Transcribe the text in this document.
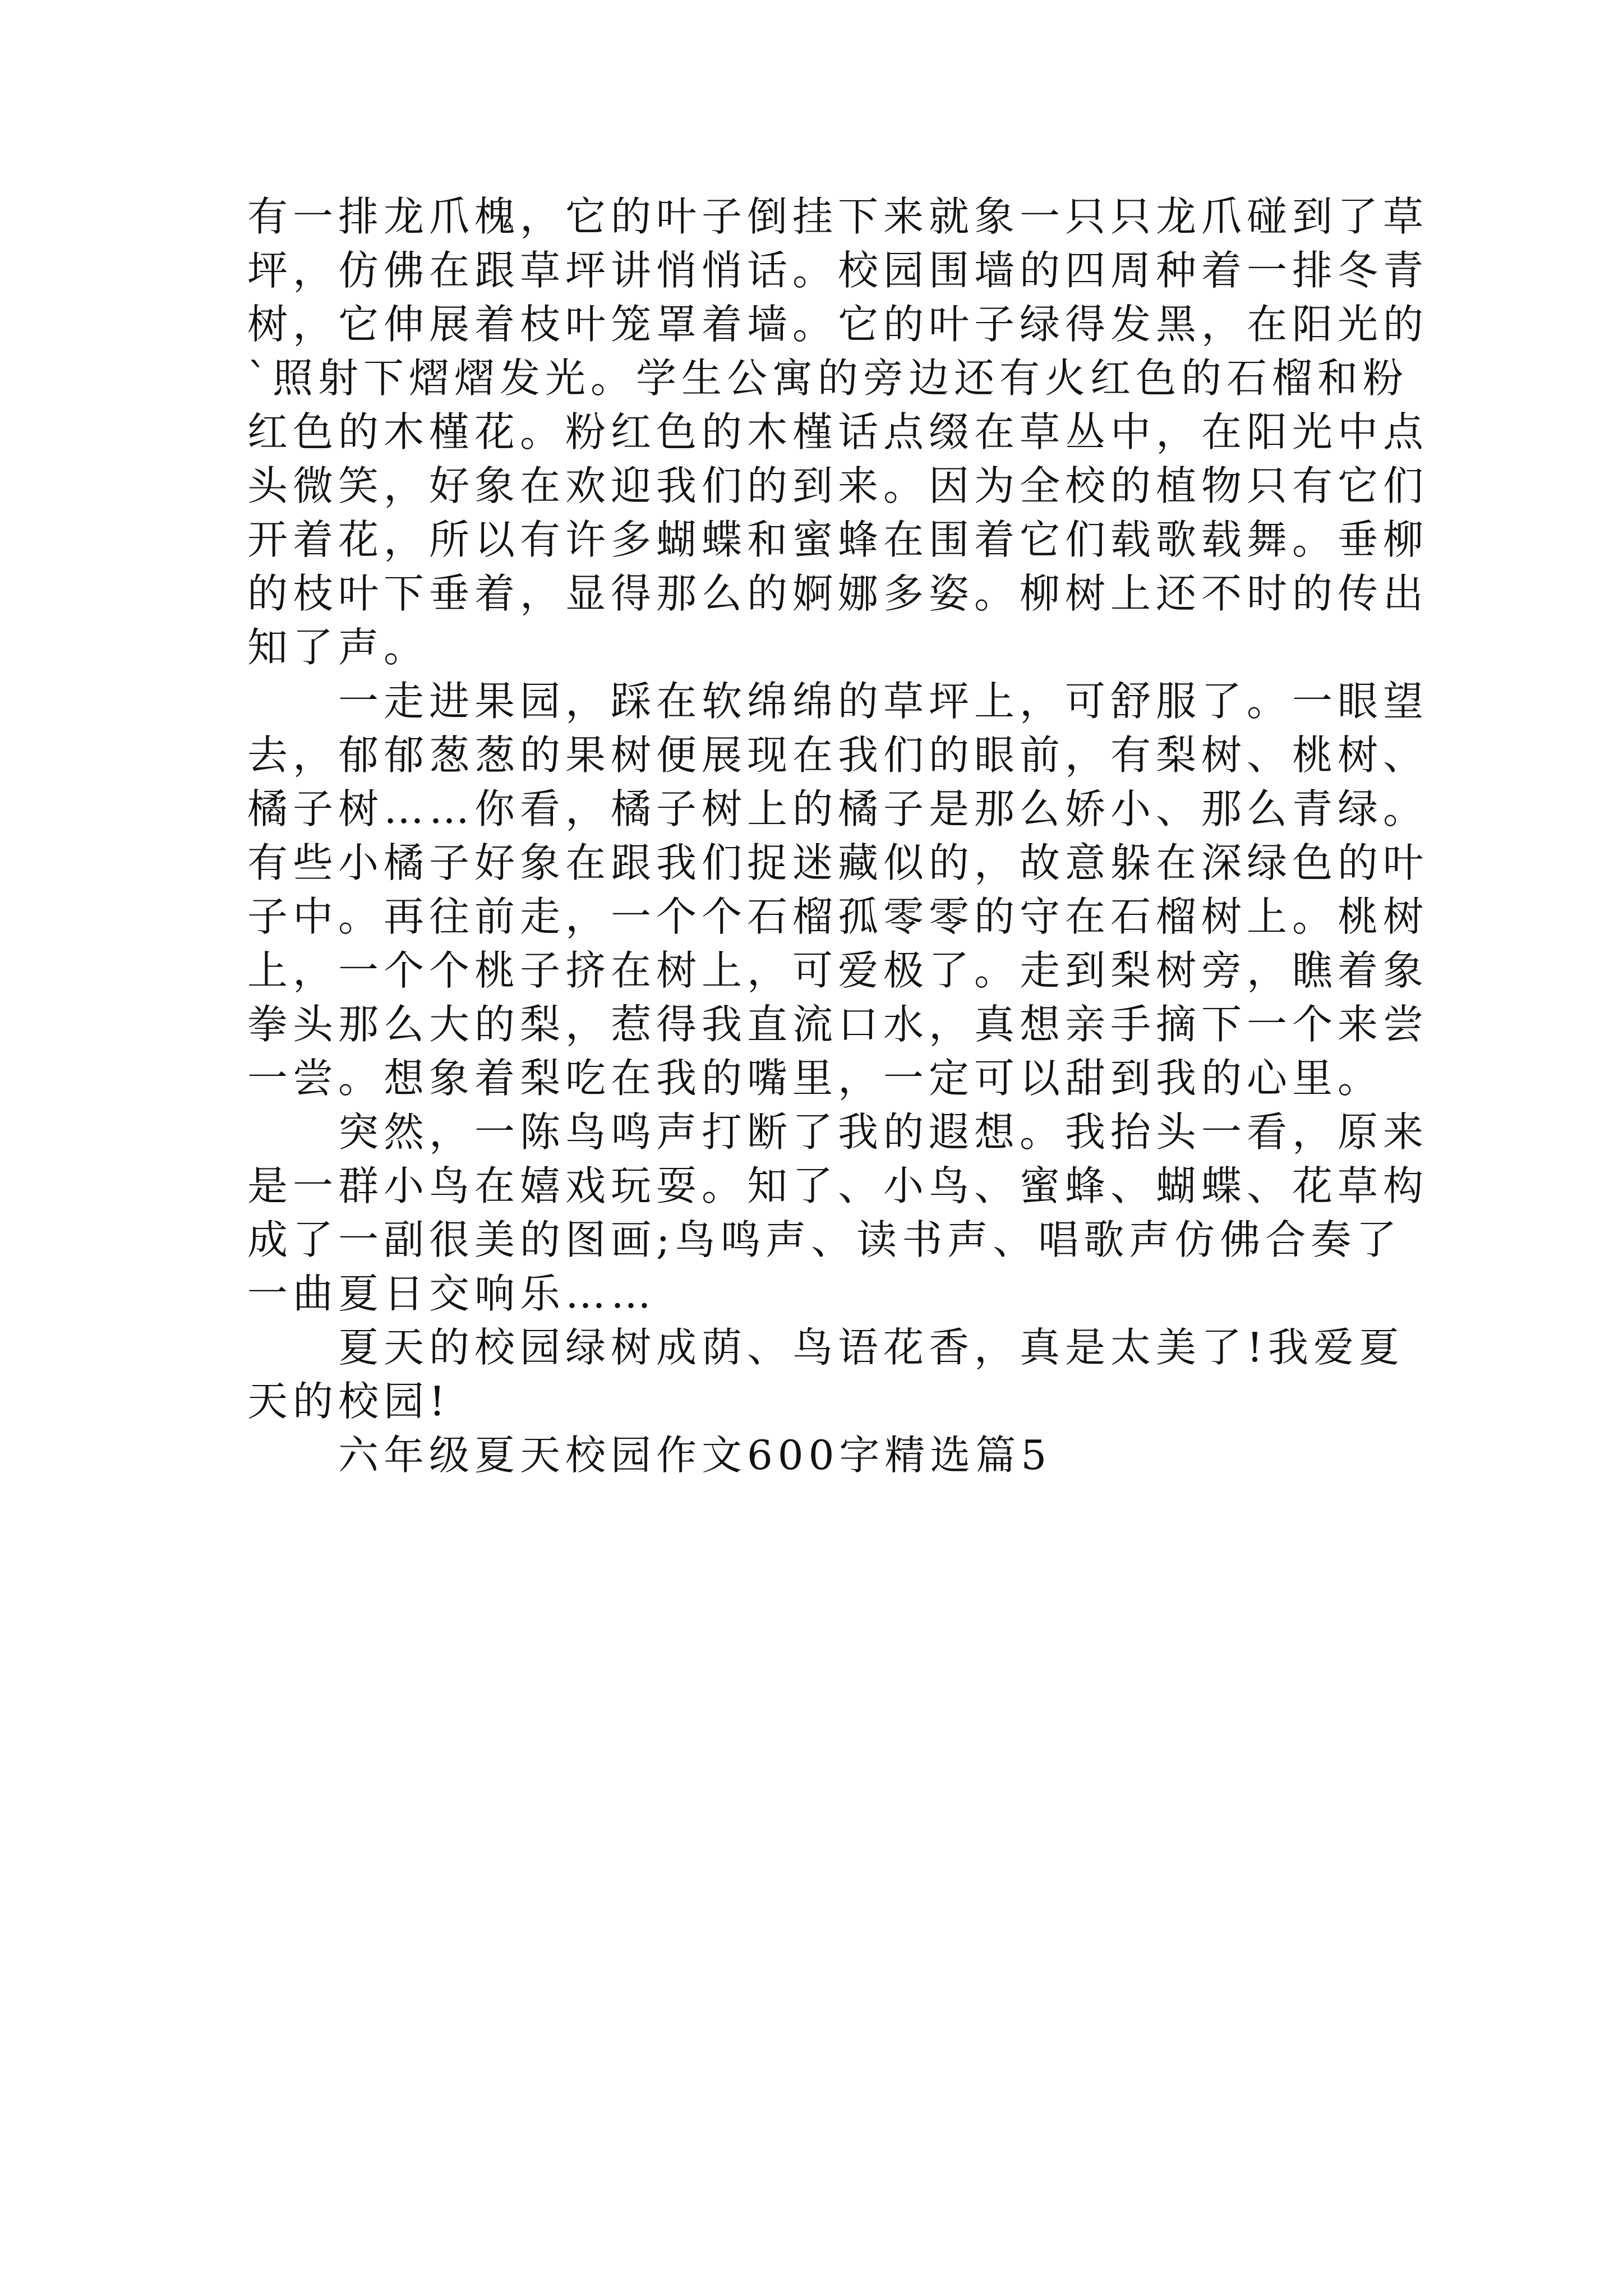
有一排龙爪槐，它的叶子倒挂下来就象一只只龙爪碰到了草
坪，仿佛在跟草坪讲悄悄话。校园围墙的四周种着一排冬青
树，它伸展着枝叶笼罩着墙。它的叶子绿得发黑，在阳光的
`照射下熠熠发光。学生公寓的旁边还有火红色的石榴和粉
红色的木槿花。粉红色的木槿话点缀在草丛中，在阳光中点
头微笑，好象在欢迎我们的到来。因为全校的植物只有它们
开着花，所以有许多蝴蝶和蜜蜂在围着它们载歌载舞。垂柳
的枝叶下垂着，显得那么的婀娜多姿。柳树上还不时的传出
知了声。
　　一走进果园，踩在软绵绵的草坪上，可舒服了。一眼望
去，郁郁葱葱的果树便展现在我们的眼前，有梨树、桃树、
橘子树……你看，橘子树上的橘子是那么娇小、那么青绿。
有些小橘子好象在跟我们捉迷藏似的，故意躲在深绿色的叶
子中。再往前走，一个个石榴孤零零的守在石榴树上。桃树
上，一个个桃子挤在树上，可爱极了。走到梨树旁，瞧着象
拳头那么大的梨，惹得我直流口水，真想亲手摘下一个来尝
一尝。想象着梨吃在我的嘴里，一定可以甜到我的心里。
　　突然，一陈鸟鸣声打断了我的遐想。我抬头一看，原来
是一群小鸟在嬉戏玩耍。知了、小鸟、蜜蜂、蝴蝶、花草构
成了一副很美的图画;鸟鸣声、读书声、唱歌声仿佛合奏了
一曲夏日交响乐……
　　夏天的校园绿树成荫、鸟语花香，真是太美了!我爱夏
天的校园!
　　六年级夏天校园作文600字精选篇5
